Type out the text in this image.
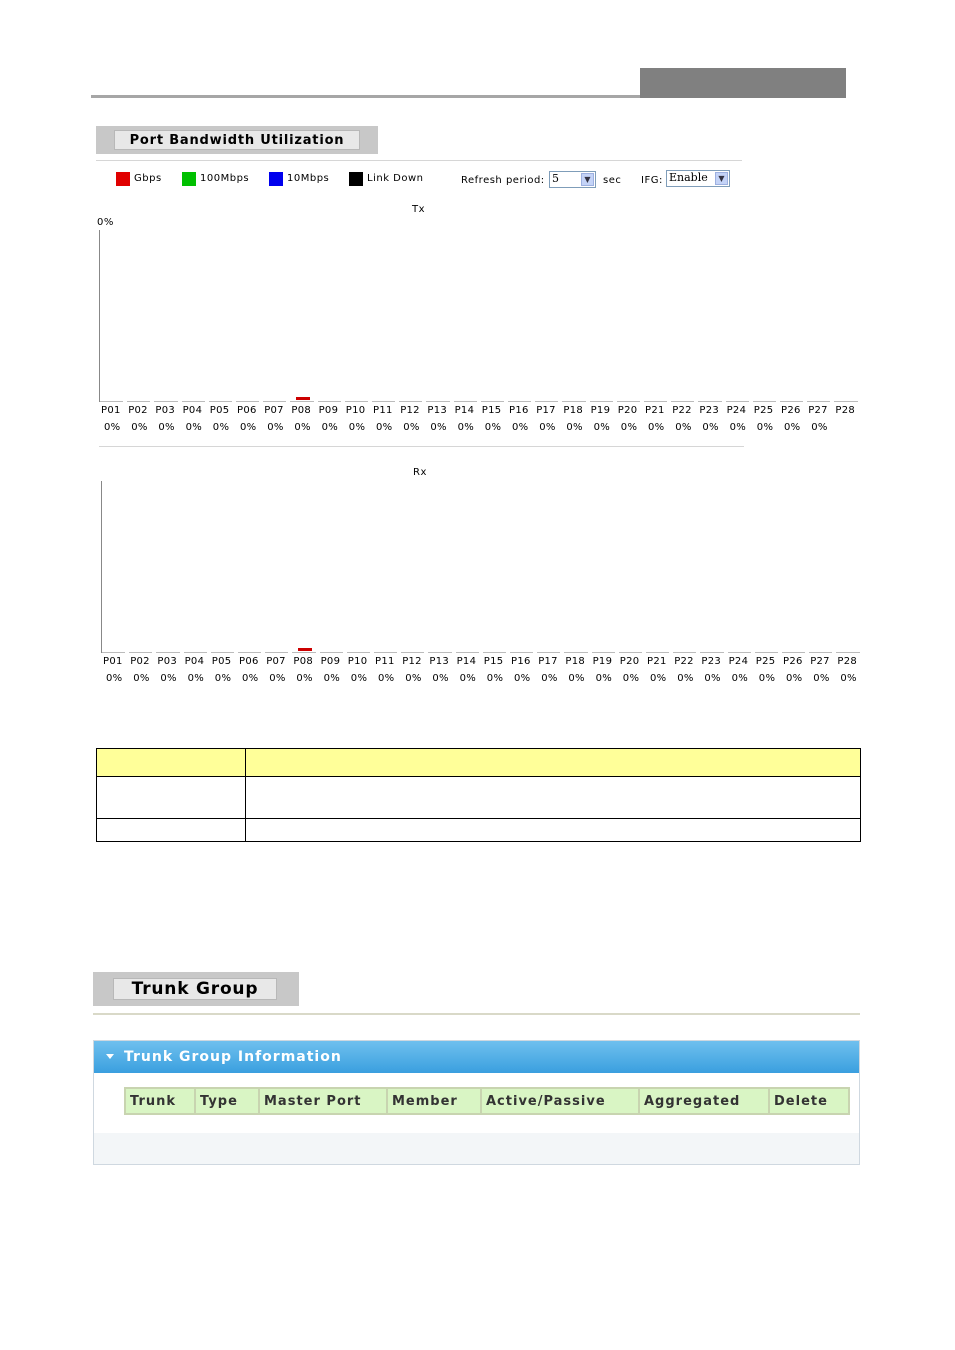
Port Bandwidth Utilization
Gbps	100Mbps	10Mbps	Link Down	Refresh period: 5	▼	sec IFG: Enable	▼
Tx
0%
P01 P02 P03 P04 P05 P06 P07 P08 P09 P10 P11 P12 P13 P14 P15 P16 P17 P18 P19 P20 P21 P22 P23 P24 P25 P26 P27 P28
0%	0%	0%	0%	0%	0%	0%	0%	0%	0%	0%	0%	0%	0%	0%	0%	0%	0%	0%	0%	0%	0%	0%	0%	0%	0%	0%
Rx
P01 P02 P03 P04 P05 P06 P07 P08 P09 P10 P11 P12 P13 P14 P15 P16 P17 P18 P19 P20 P21 P22 P23 P24 P25 P26 P27 P28
0%	0%	0%	0%	0%	0%	0%	0%	0%	0%	0%	0%	0%	0%	0%	0%	0%	0%	0%	0%	0%	0%	0%	0%	0%	0%	0%	0%

Trunk Group
Trunk Group Information
Trunk	Type	Master Port	Member	Active/Passive	Aggregated	Delete
